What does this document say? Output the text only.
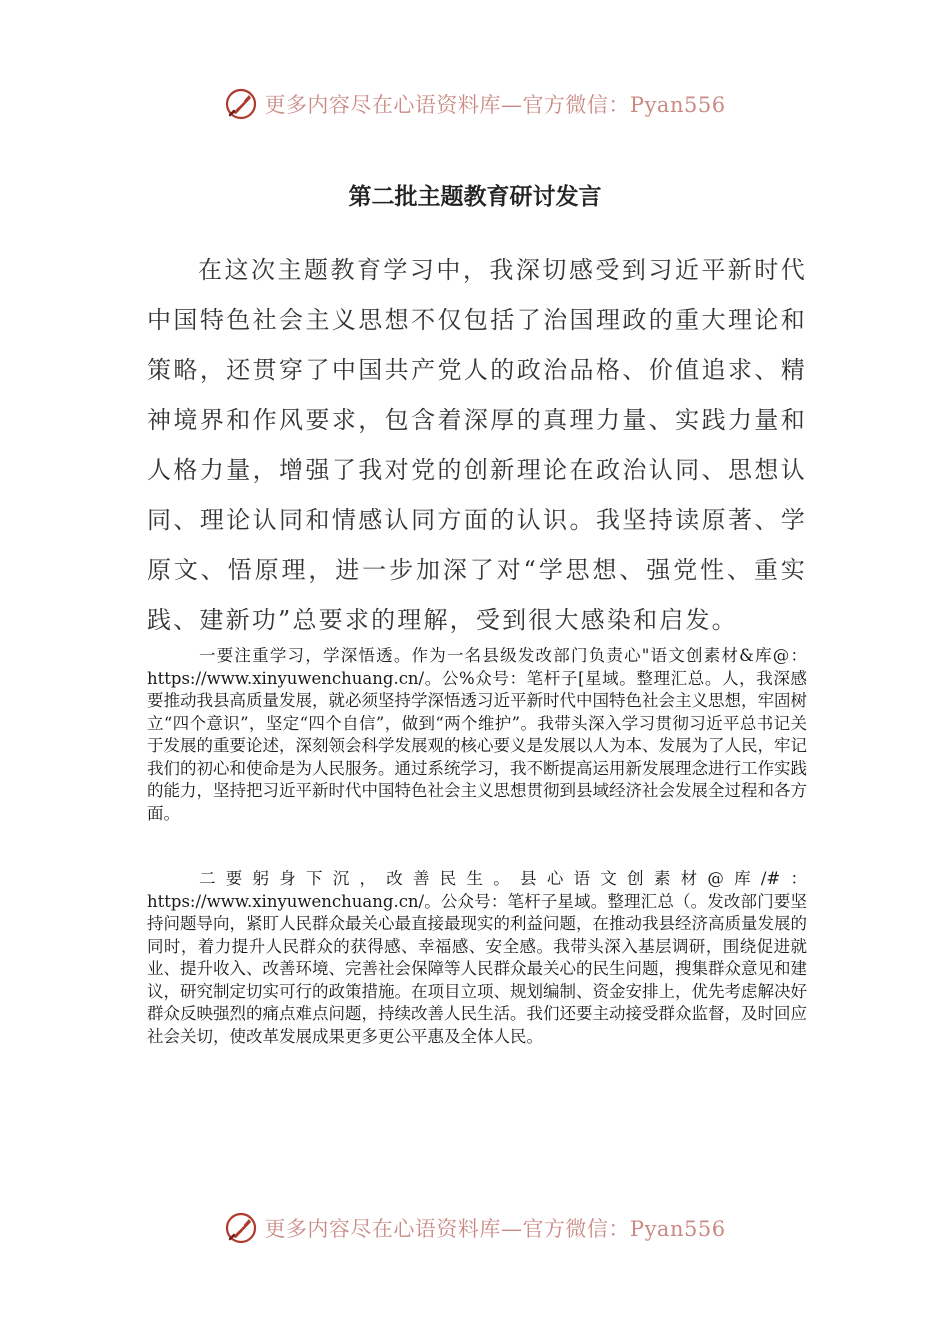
更多内容尽在心语资料库—官方微信：Pyan556
第二批主题教育研讨发言

在这次主题教育学习中，我深切感受到习近平新时代中国特色社会主义思想不仅包括了治国理政的重大理论和策略，还贯穿了中国共产党人的政治品格、价值追求、精神境界和作风要求，包含着深厚的真理力量、实践力量和人格力量，增强了我对党的创新理论在政治认同、思想认同、理论认同和情感认同方面的认识。我坚持读原著、学原文、悟原理，进一步加深了对“学思想、强党性、重实践、建新功”总要求的理解，受到很大感染和启发。

一要注重学习，学深悟透。作为一名县级发改部门负责心"语文创素材&库@：https://www.xinyuwenchuang.cn/。公%众号：笔杆子[星域。整理汇总。人，我深感要推动我县高质量发展，就必须坚持学深悟透习近平新时代中国特色社会主义思想，牢固树立“四个意识”，坚定“四个自信”，做到“两个维护”。我带头深入学习贯彻习近平总书记关于发展的重要论述，深刻领会科学发展观的核心要义是发展以人为本、发展为了人民，牢记我们的初心和使命是为人民服务。通过系统学习，我不断提高运用新发展理念进行工作实践的能力，坚持把习近平新时代中国特色社会主义思想贯彻到县域经济社会发展全过程和各方面。

二要躬身下沉，改善民生。县心语文创素材@库/#：https://www.xinyuwenchuang.cn/。公众号：笔杆子星域。整理汇总（。发改部门要坚持问题导向，紧盯人民群众最关心最直接最现实的利益问题，在推动我县经济高质量发展的同时，着力提升人民群众的获得感、幸福感、安全感。我带头深入基层调研，围绕促进就业、提升收入、改善环境、完善社会保障等人民群众最关心的民生问题，搜集群众意见和建议，研究制定切实可行的政策措施。在项目立项、规划编制、资金安排上，优先考虑解决好群众反映强烈的痛点难点问题，持续改善人民生活。我们还要主动接受群众监督，及时回应社会关切，使改革发展成果更多更公平惠及全体人民。

更多内容尽在心语资料库—官方微信：Pyan556
